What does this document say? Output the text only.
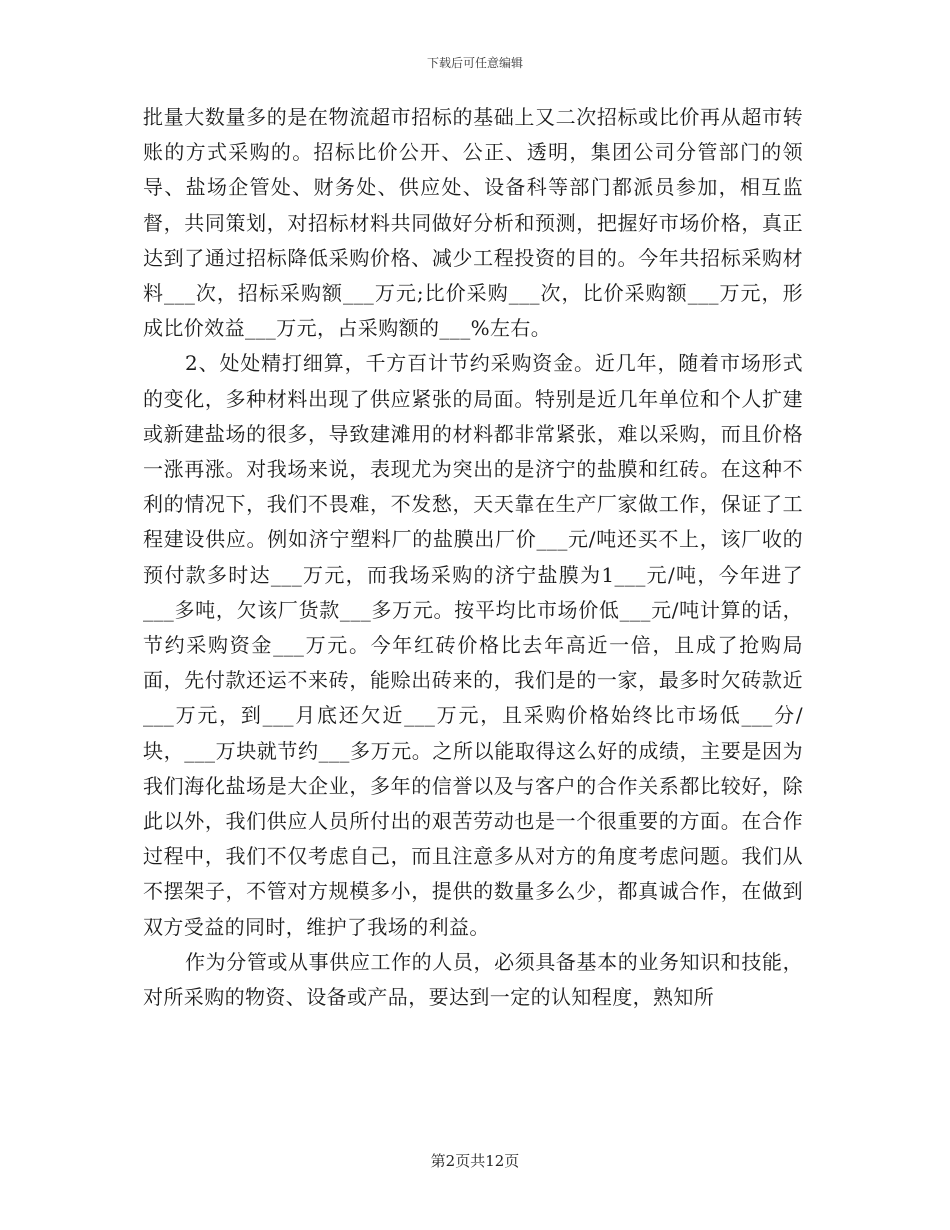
下载后可任意编辑

批量大数量多的是在物流超市招标的基础上又二次招标或比价再从超市转账的方式采购的。招标比价公开、公正、透明，集团公司分管部门的领导、盐场企管处、财务处、供应处、设备科等部门都派员参加，相互监督，共同策划，对招标材料共同做好分析和预测，把握好市场价格，真正达到了通过招标降低采购价格、减少工程投资的目的。今年共招标采购材料___次，招标采购额___万元;比价采购___次，比价采购额___万元，形成比价效益___万元，占采购额的___%左右。

2、处处精打细算，千方百计节约采购资金。近几年，随着市场形式的变化，多种材料出现了供应紧张的局面。特别是近几年单位和个人扩建或新建盐场的很多，导致建滩用的材料都非常紧张，难以采购，而且价格一涨再涨。对我场来说，表现尤为突出的是济宁的盐膜和红砖。在这种不利的情况下，我们不畏难，不发愁，天天靠在生产厂家做工作，保证了工程建设供应。例如济宁塑料厂的盐膜出厂价___元/吨还买不上，该厂收的预付款多时达___万元，而我场采购的济宁盐膜为1___元/吨，今年进了___多吨，欠该厂货款___多万元。按平均比市场价低___元/吨计算的话，节约采购资金___万元。今年红砖价格比去年高近一倍，且成了抢购局面，先付款还运不来砖，能赊出砖来的，我们是的一家，最多时欠砖款近___万元，到___月底还欠近___万元，且采购价格始终比市场低___分/块，___万块就节约___多万元。之所以能取得这么好的成绩，主要是因为我们海化盐场是大企业，多年的信誉以及与客户的合作关系都比较好，除此以外，我们供应人员所付出的艰苦劳动也是一个很重要的方面。在合作过程中，我们不仅考虑自己，而且注意多从对方的角度考虑问题。我们从不摆架子，不管对方规模多小，提供的数量多么少，都真诚合作，在做到双方受益的同时，维护了我场的利益。

作为分管或从事供应工作的人员，必须具备基本的业务知识和技能，对所采购的物资、设备或产品，要达到一定的认知程度，熟知所

第2页共12页
